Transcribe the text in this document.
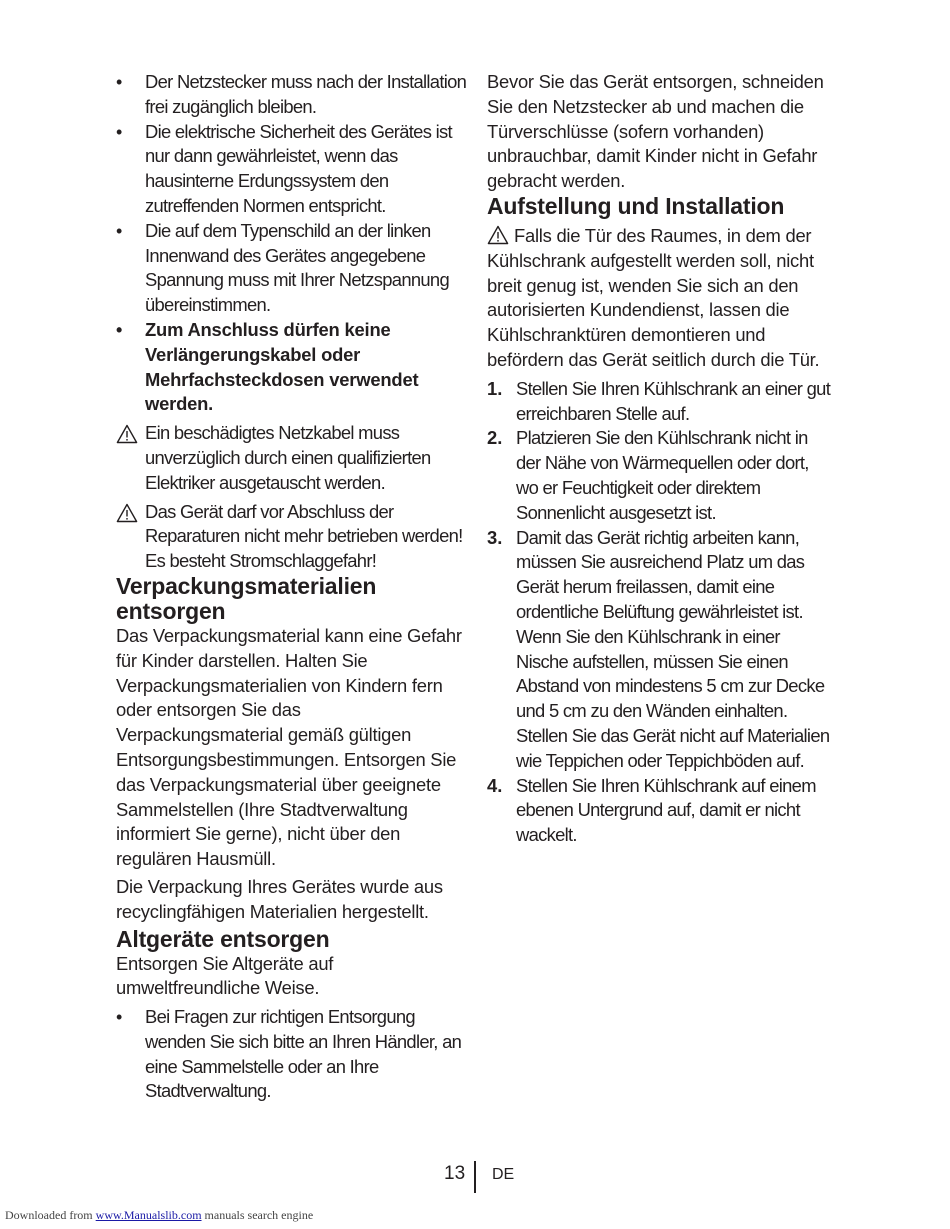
• Der Netzstecker muss nach der Installation frei zugänglich bleiben.
• Die elektrische Sicherheit des Gerätes ist nur dann gewährleistet, wenn das hausinterne Erdungssystem den zutreffenden Normen entspricht.
• Die auf dem Typenschild an der linken Innenwand des Gerätes angegebene Spannung muss mit Ihrer Netzspannung übereinstimmen.
• Zum Anschluss dürfen keine Verlängerungskabel oder Mehrfachsteckdosen verwendet werden.

Ein beschädigtes Netzkabel muss unverzüglich durch einen qualifizierten Elektriker ausgetauscht werden.

Das Gerät darf vor Abschluss der Reparaturen nicht mehr betrieben werden! Es besteht Stromschlaggefahr!

Verpackungsmaterialien entsorgen

Das Verpackungsmaterial kann eine Gefahr für Kinder darstellen. Halten Sie Verpackungsmaterialien von Kindern fern oder entsorgen Sie das Verpackungsmaterial gemäß gültigen Entsorgungsbestimmungen. Entsorgen Sie das Verpackungsmaterial über geeignete Sammelstellen (Ihre Stadtverwaltung informiert Sie gerne), nicht über den regulären Hausmüll.

Die Verpackung Ihres Gerätes wurde aus recyclingfähigen Materialien hergestellt.

Altgeräte entsorgen

Entsorgen Sie Altgeräte auf umweltfreundliche Weise.

• Bei Fragen zur richtigen Entsorgung wenden Sie sich bitte an Ihren Händler, an eine Sammelstelle oder an Ihre Stadtverwaltung.

Bevor Sie das Gerät entsorgen, schneiden Sie den Netzstecker ab und machen die Türverschlüsse (sofern vorhanden) unbrauchbar, damit Kinder nicht in Gefahr gebracht werden.

Aufstellung und Installation

Falls die Tür des Raumes, in dem der Kühlschrank aufgestellt werden soll, nicht breit genug ist, wenden Sie sich an den autorisierten Kundendienst, lassen die Kühlschranktüren demontieren und befördern das Gerät seitlich durch die Tür.

1. Stellen Sie Ihren Kühlschrank an einer gut erreichbaren Stelle auf.
2. Platzieren Sie den Kühlschrank nicht in der Nähe von Wärmequellen oder dort, wo er Feuchtigkeit oder direktem Sonnenlicht ausgesetzt ist.
3. Damit das Gerät richtig arbeiten kann, müssen Sie ausreichend Platz um das Gerät herum freilassen, damit eine ordentliche Belüftung gewährleistet ist. Wenn Sie den Kühlschrank in einer Nische aufstellen, müssen Sie einen Abstand von mindestens 5 cm zur Decke und 5 cm zu den Wänden einhalten. Stellen Sie das Gerät nicht auf Materialien wie Teppichen oder Teppichböden auf.
4. Stellen Sie Ihren Kühlschrank auf einem ebenen Untergrund auf, damit er nicht wackelt.
13 DE
Downloaded from www.Manualslib.com manuals search engine
